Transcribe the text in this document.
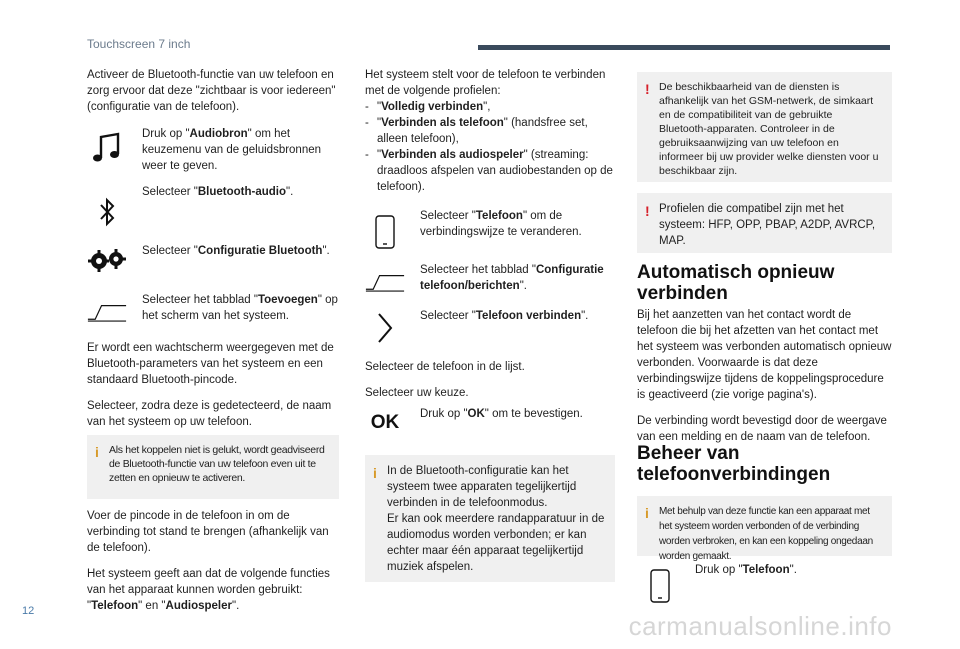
Touchscreen 7 inch

Activeer de Bluetooth-functie van uw telefoon en zorg ervoor dat deze "zichtbaar is voor iedereen" (configuratie van de telefoon).

Druk op "Audiobron" om het keuzemenu van de geluidsbronnen weer te geven.
Selecteer "Bluetooth-audio".
Selecteer "Configuratie Bluetooth".
Selecteer het tabblad "Toevoegen" op het scherm van het systeem.

Er wordt een wachtscherm weergegeven met de Bluetooth-parameters van het systeem en een standaard Bluetooth-pincode.

Selecteer, zodra deze is gedetecteerd, de naam van het systeem op uw telefoon.

i Als het koppelen niet is gelukt, wordt geadviseerd de Bluetooth-functie van uw telefoon even uit te zetten en opnieuw te activeren.

Voer de pincode in de telefoon in om de verbinding tot stand te brengen (afhankelijk van de telefoon).

Het systeem geeft aan dat de volgende functies van het apparaat kunnen worden gebruikt: "Telefoon" en "Audiospeler".

Het systeem stelt voor de telefoon te verbinden met de volgende profielen:

- "Volledig verbinden",
- "Verbinden als telefoon" (handsfree set, alleen telefoon),
- "Verbinden als audiospeler" (streaming: draadloos afspelen van audiobestanden op de telefoon).
Selecteer "Telefoon" om de verbindingswijze te veranderen.
Selecteer het tabblad "Configuratie telefoon/berichten".
Selecteer "Telefoon verbinden".

Selecteer de telefoon in de lijst.

Selecteer uw keuze.

OK	Druk op "OK" om te bevestigen.
i In de Bluetooth-configuratie kan het systeem twee apparaten tegelijkertijd verbinden in de telefoonmodus.

Er kan ook meerdere randapparatuur in de audiomodus worden verbonden; er kan echter maar één apparaat tegelijkertijd muziek afspelen.

! De beschikbaarheid van de diensten is afhankelijk van het GSM-netwerk, de simkaart en de compatibiliteit van de gebruikte Bluetooth-apparaten. Controleer in de gebruiksaanwijzing van uw telefoon en informeer bij uw provider welke diensten voor u beschikbaar zijn.
! Profielen die compatibel zijn met het systeem: HFP, OPP, PBAP, A2DP, AVRCP, MAP.
Automatisch opnieuw verbinden

Bij het aanzetten van het contact wordt de telefoon die bij het afzetten van het contact met het systeem was verbonden automatisch opnieuw verbonden. Voorwaarde is dat deze verbindingswijze tijdens de koppelingsprocedure is geactiveerd (zie vorige pagina's).

De verbinding wordt bevestigd door de weergave van een melding en de naam van de telefoon.

Beheer van telefoonverbindingen
i Met behulp van deze functie kan een apparaat met het systeem worden verbonden of de verbinding worden verbroken, en kan een koppeling ongedaan worden gemaakt.
Druk op "Telefoon".
12	carmanualsonline.info
